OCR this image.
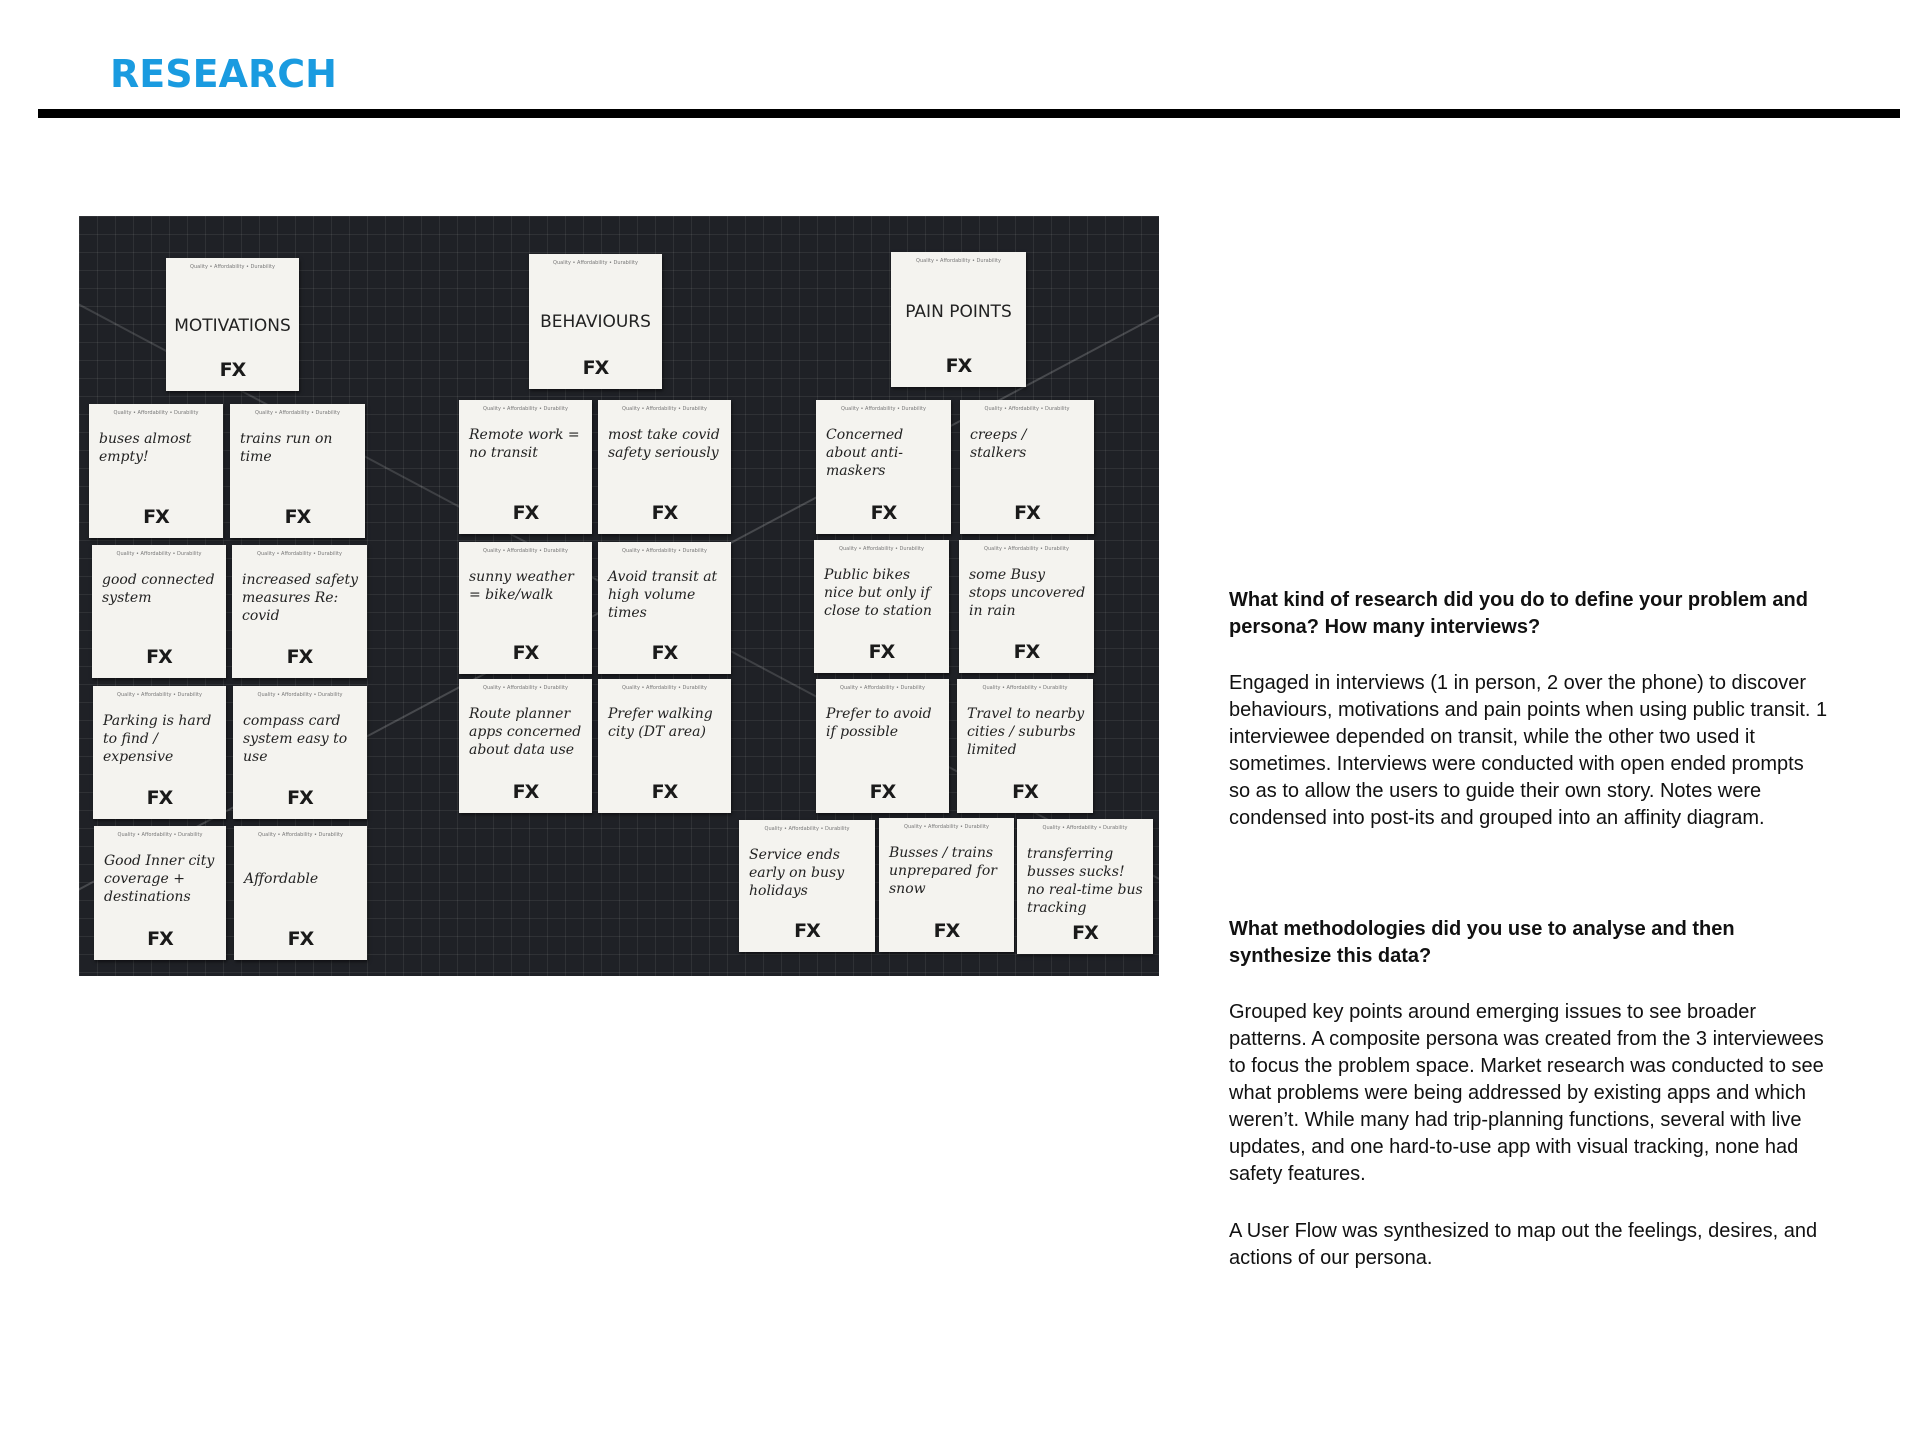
RESEARCH
Quality • Affordability • Durability
MOTIVATIONS
FX
Quality • Affordability • Durability
BEHAVIOURS
FX
Quality • Affordability • Durability
PAIN POINTS
FX
Quality • Affordability • Durability
buses almost empty!
FX
Quality • Affordability • Durability
trains run on time
FX
Quality • Affordability • Durability
good connected system
FX
Quality • Affordability • Durability
increased safety measures Re: covid
FX
Quality • Affordability • Durability
Parking is hard to find / expensive
FX
Quality • Affordability • Durability
compass card system easy to use
FX
Quality • Affordability • Durability
Good Inner city coverage + destinations
FX
Quality • Affordability • Durability
Affordable
FX
Quality • Affordability • Durability
Remote work = no transit
FX
Quality • Affordability • Durability
most take covid safety seriously
FX
Quality • Affordability • Durability
sunny weather = bike/walk
FX
Quality • Affordability • Durability
Avoid transit at high volume times
FX
Quality • Affordability • Durability
Route planner apps concerned about data use
FX
Quality • Affordability • Durability
Prefer walking city (DT area)
FX
Quality • Affordability • Durability
Concerned about anti-maskers
FX
Quality • Affordability • Durability
creeps / stalkers
FX
Quality • Affordability • Durability
Public bikes nice but only if close to station
FX
Quality • Affordability • Durability
some Busy stops uncovered in rain
FX
Quality • Affordability • Durability
Prefer to avoid if possible
FX
Quality • Affordability • Durability
Travel to nearby cities / suburbs limited
FX
Quality • Affordability • Durability
Service ends early on busy holidays
FX
Quality • Affordability • Durability
Busses / trains unprepared for snow
FX
Quality • Affordability • Durability
transferring busses sucks! no real-time bus tracking
FX

What kind of research did you do to define your problem and persona? How many interviews?

Engaged in interviews (1 in person, 2 over the phone) to discover behaviours, motivations and pain points when using public transit. 1 interviewee depended on transit, while the other two used it sometimes. Interviews were conducted with open ended prompts so as to allow the users to guide their own story. Notes were condensed into post-its and grouped into an affinity diagram.

What methodologies did you use to analyse and then synthesize this data?

Grouped key points around emerging issues to see broader patterns. A composite persona was created from the 3 interviewees to focus the problem space. Market research was conducted to see what problems were being addressed by existing apps and which weren’t. While many had trip-planning functions, several with live updates, and one hard-to-use app with visual tracking, none had safety features.

A User Flow was synthesized to map out the feelings, desires, and actions of our persona.
